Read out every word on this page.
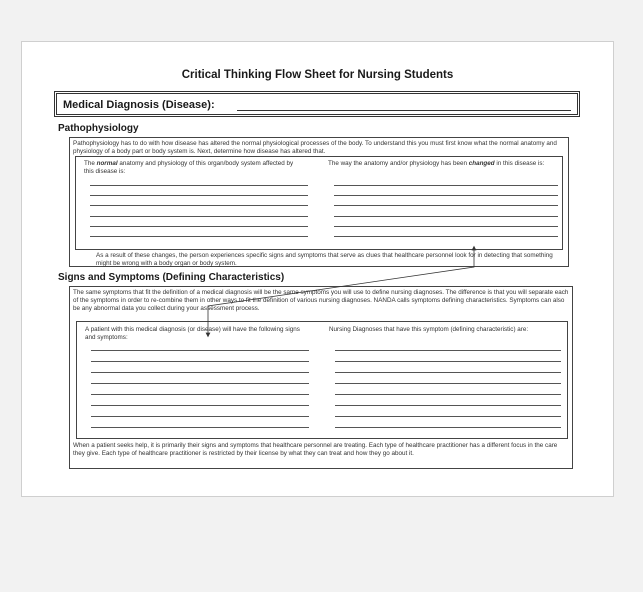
Critical Thinking Flow Sheet for Nursing Students
Medical Diagnosis (Disease):
Pathophysiology
Pathophysiology has to do with how disease has altered the normal physiological processes of the body. To understand this you must first know what the normal anatomy and physiology of a body part or body system is. Next, determine how disease has altered that.
The normal anatomy and physiology of this organ/body system affected by this disease is:
The way the anatomy and/or physiology has been changed in this disease is:
As a result of these changes, the person experiences specific signs and symptoms that serve as clues that healthcare personnel look for in detecting that something might be wrong with a body organ or body system.
Signs and Symptoms (Defining Characteristics)
The same symptoms that fit the definition of a medical diagnosis will be the same symptoms you will use to define nursing diagnoses. The difference is that you will separate each of the symptoms in order to re-combine them in other ways to fit the definition of various nursing diagnoses. NANDA calls symptoms defining characteristics. Symptoms can also be any abnormal data you collect during your assessment process.
A patient with this medical diagnosis (or disease) will have the following signs and symptoms:
Nursing Diagnoses that have this symptom (defining characteristic) are:
When a patient seeks help, it is primarily their signs and symptoms that healthcare personnel are treating. Each type of healthcare practitioner has a different focus in the care they give. Each type of healthcare practitioner is restricted by their license by what they can treat and how they go about it.
